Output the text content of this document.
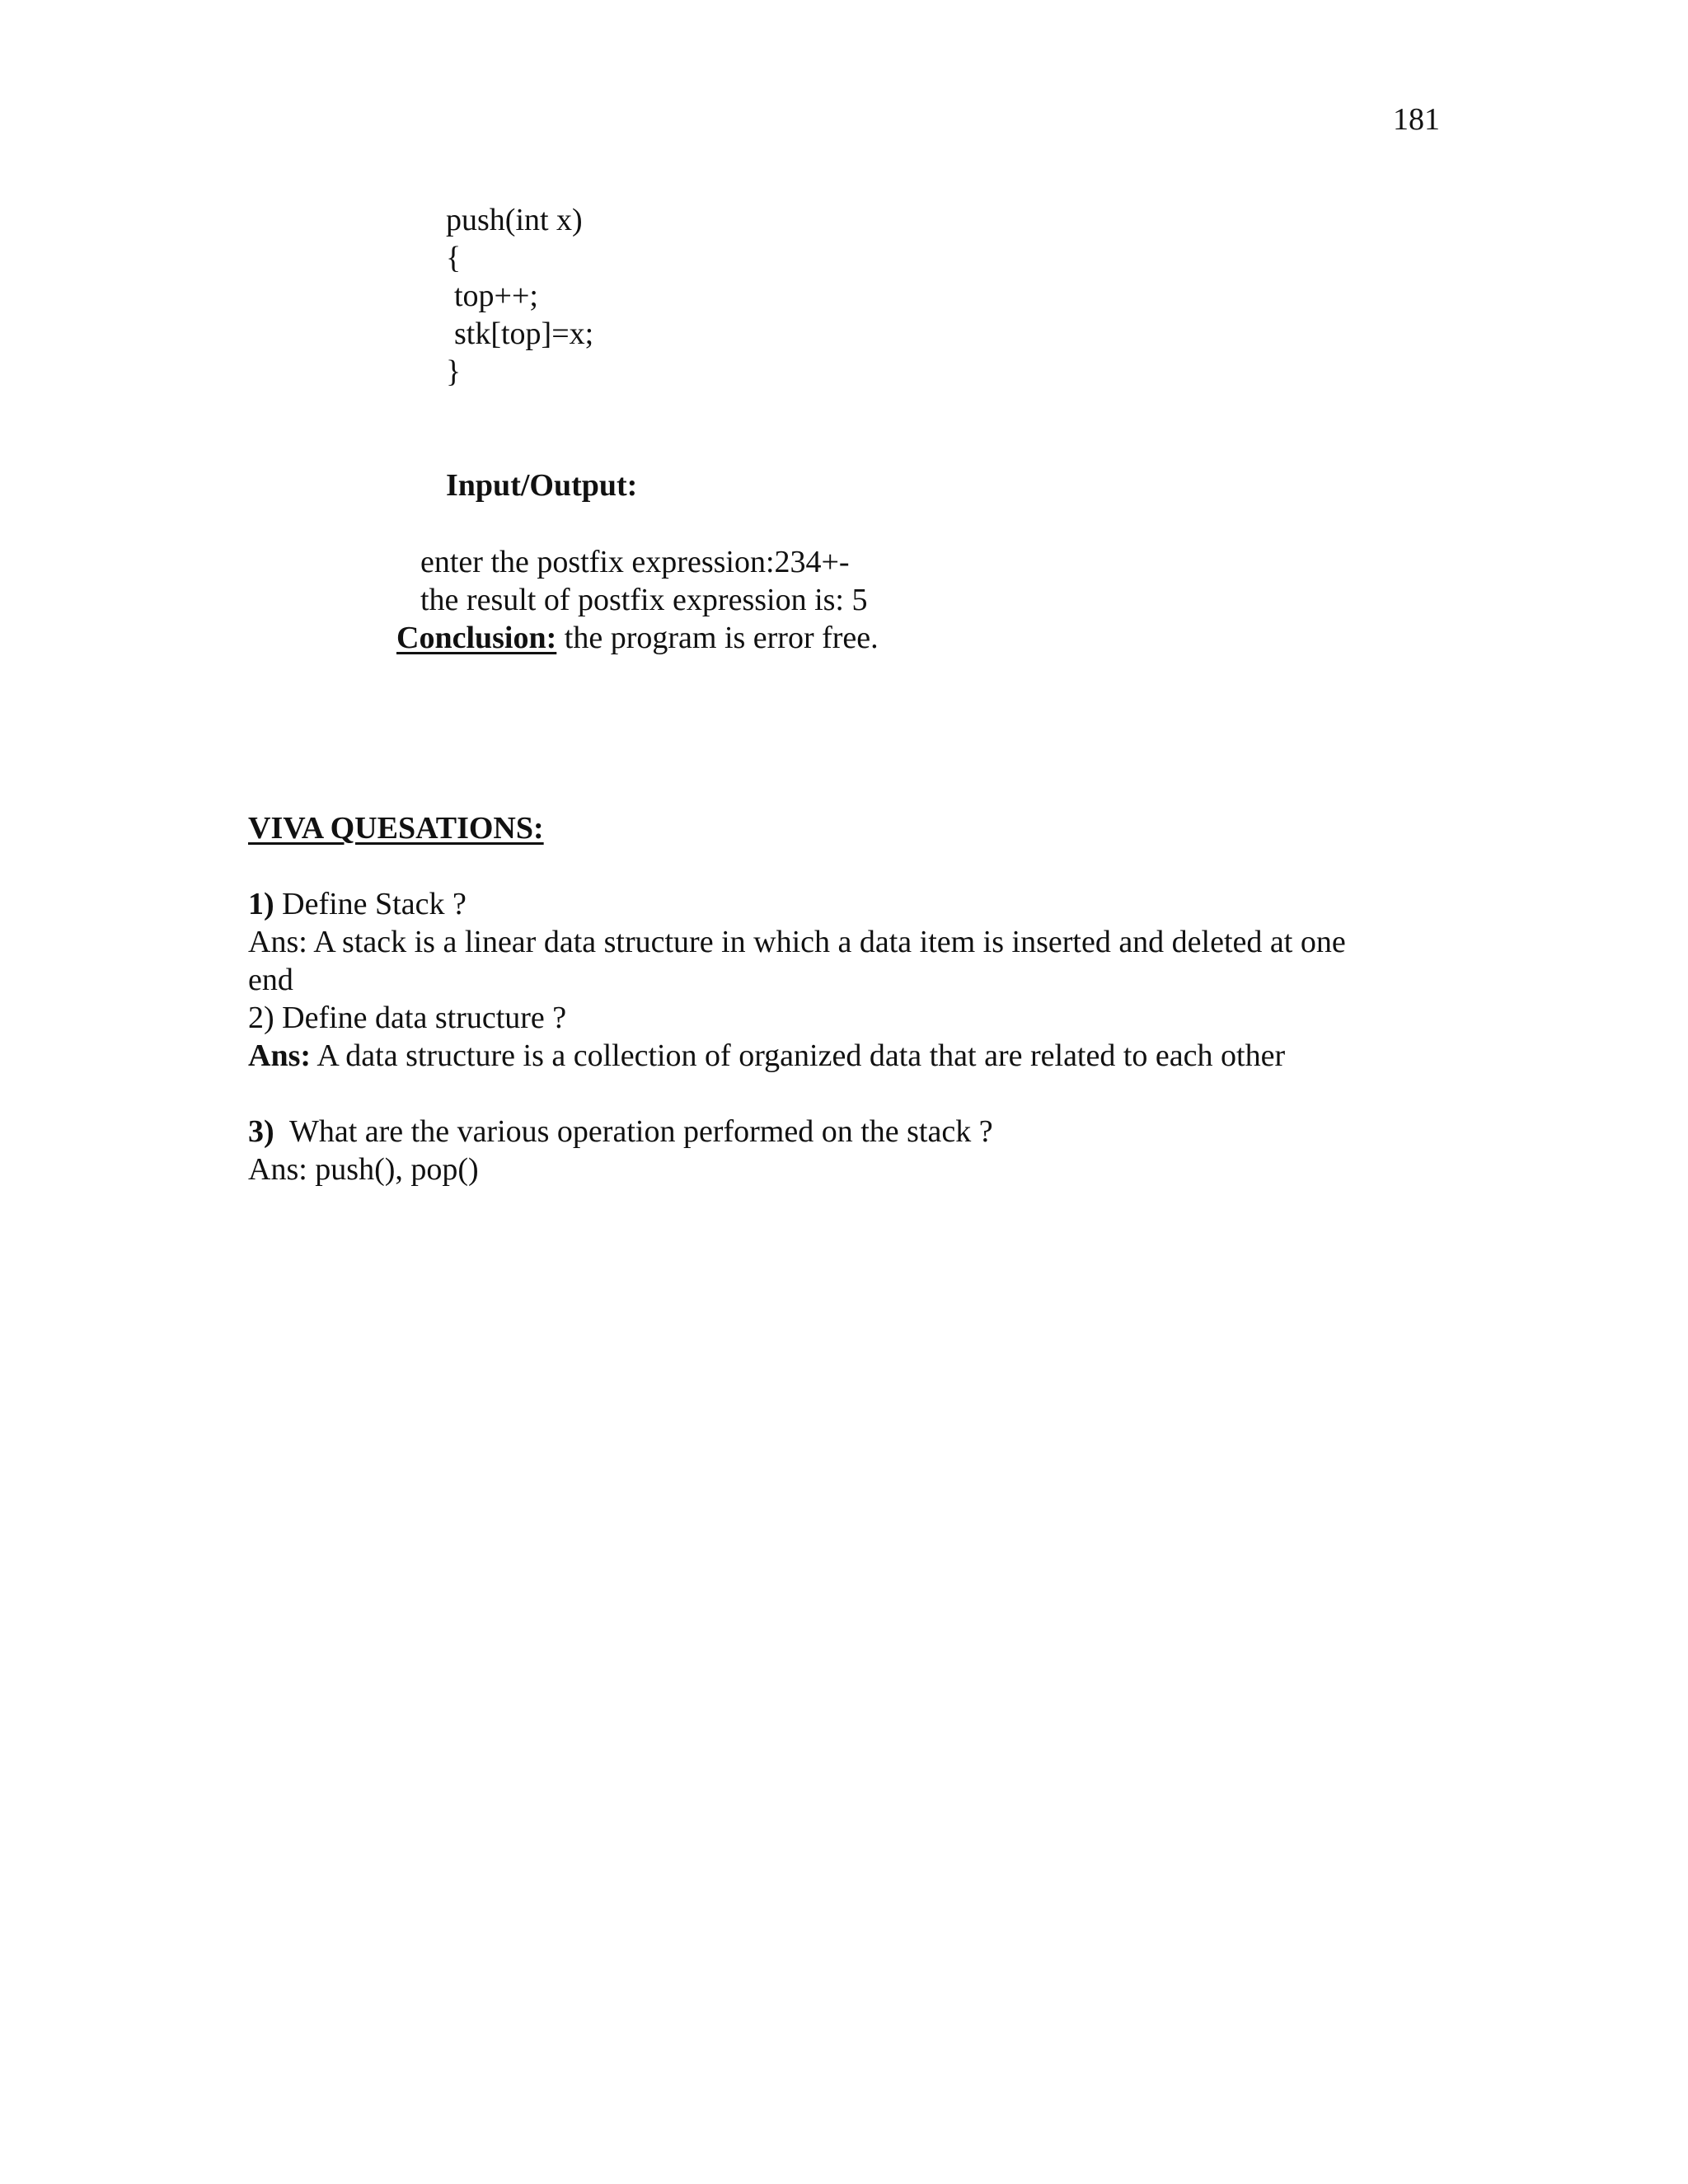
181
push(int x)
{
top++;
stk[top]=x;
}
Input/Output:
enter the postfix expression:234+-
the result of postfix expression is: 5
Conclusion: the program is error free.
VIVA QUESATIONS:
1) Define Stack ?
Ans: A stack is a linear data structure in which a data item is inserted and deleted at one
end
2) Define data structure ?
Ans: A data structure is a collection of organized data that are related to each other
3)  What are the various operation performed on the stack ?
Ans: push(), pop()
